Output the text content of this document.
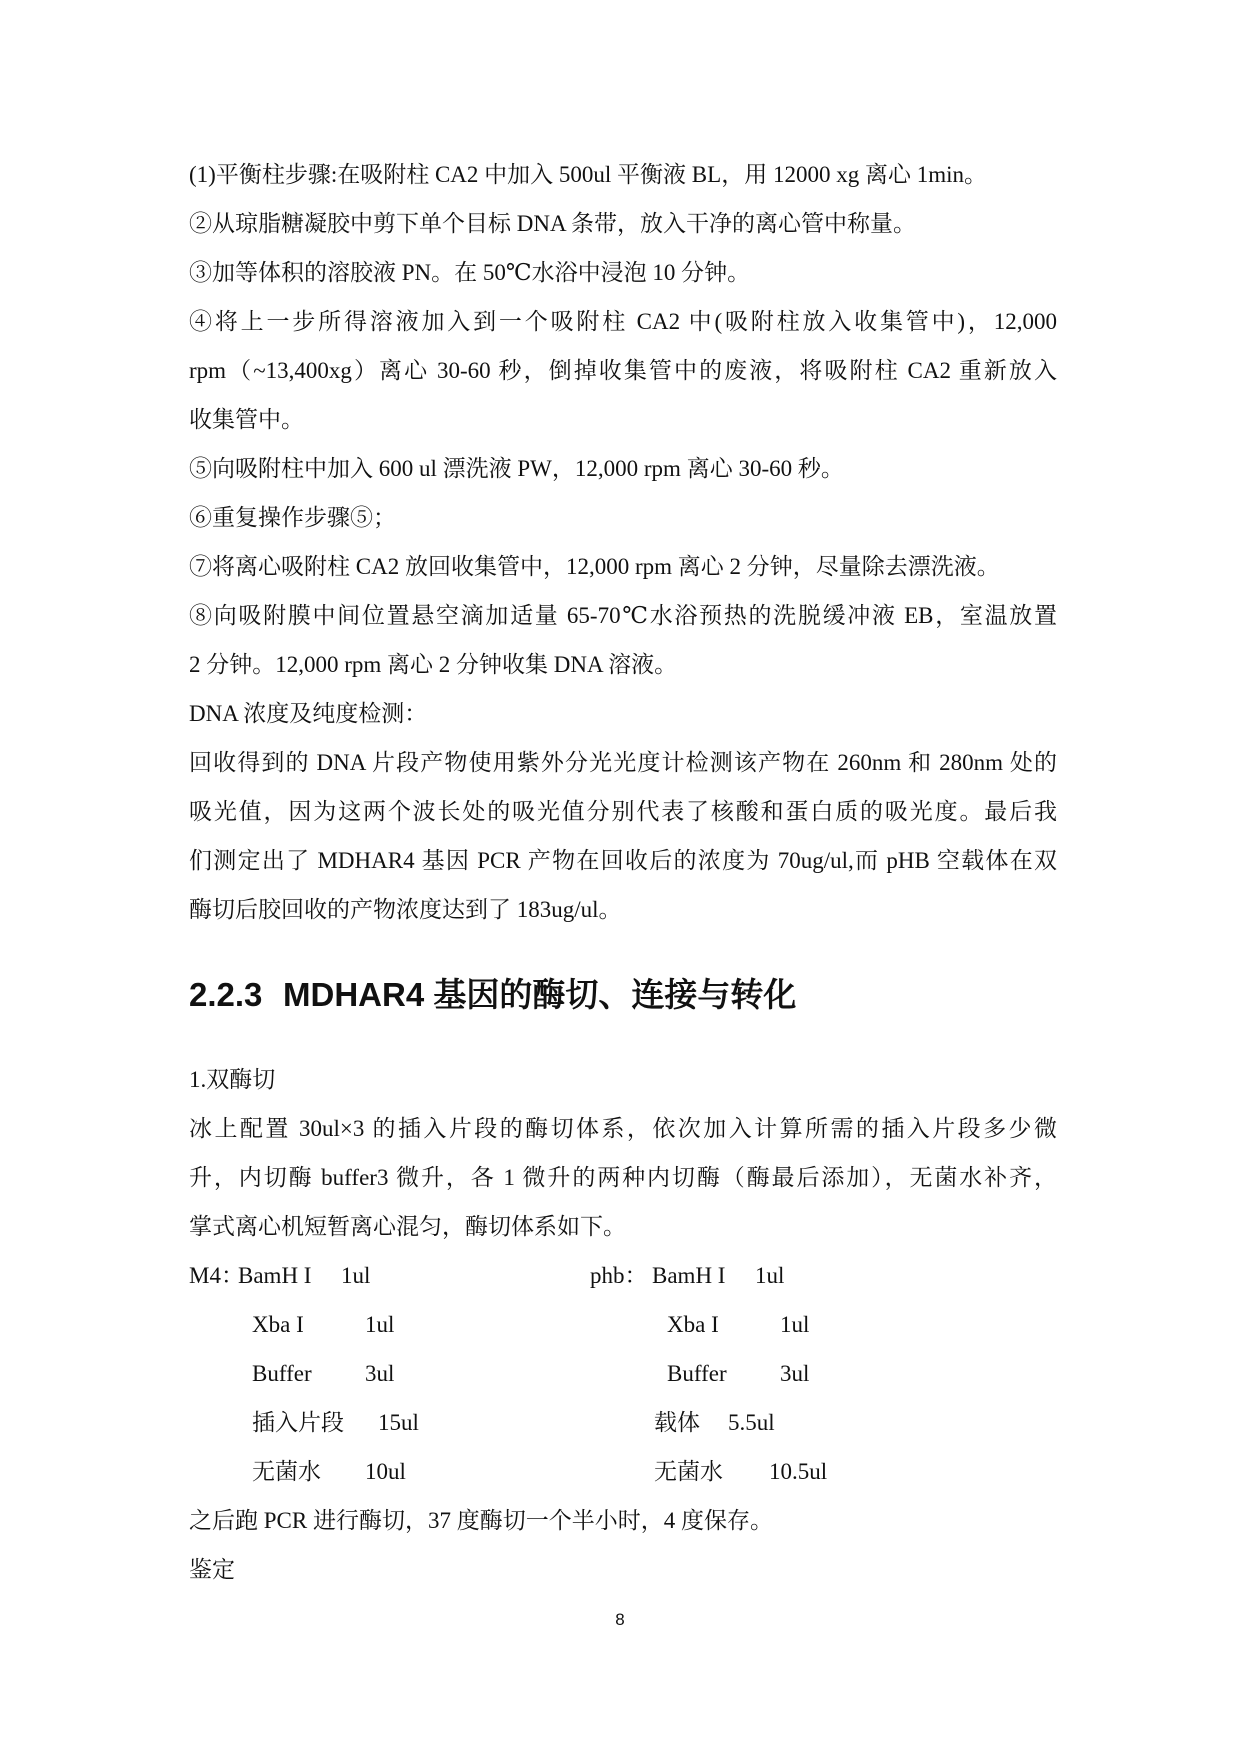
(1)平衡柱步骤:在吸附柱 CA2 中加入 500ul 平衡液 BL，用 12000 xg 离心 1min。
②从琼脂糖凝胶中剪下单个目标 DNA 条带，放入干净的离心管中称量。
③加等体积的溶胶液 PN。在 50℃水浴中浸泡 10 分钟。
④将上一步所得溶液加入到一个吸附柱 CA2 中(吸附柱放入收集管中)，12,000
rpm（~13,400xg）离心 30-60 秒，倒掉收集管中的废液，将吸附柱 CA2 重新放入
收集管中。
⑤向吸附柱中加入 600 ul 漂洗液 PW，12,000 rpm 离心 30-60 秒。
⑥重复操作步骤⑤；
⑦将离心吸附柱 CA2 放回收集管中，12,000 rpm 离心 2 分钟，尽量除去漂洗液。
⑧向吸附膜中间位置悬空滴加适量 65-70℃水浴预热的洗脱缓冲液 EB，室温放置
2 分钟。12,000 rpm 离心 2 分钟收集 DNA 溶液。
DNA 浓度及纯度检测：
回收得到的 DNA 片段产物使用紫外分光光度计检测该产物在 260nm 和 280nm 处的
吸光值，因为这两个波长处的吸光值分别代表了核酸和蛋白质的吸光度。最后我
们测定出了 MDHAR4 基因 PCR 产物在回收后的浓度为 70ug/ul,而 pHB 空载体在双
酶切后胶回收的产物浓度达到了 183ug/ul。
2.2.3 MDHAR4 基因的酶切、连接与转化
1.双酶切
冰上配置 30ul×3 的插入片段的酶切体系，依次加入计算所需的插入片段多少微
升，内切酶 buffer3 微升，各 1 微升的两种内切酶（酶最后添加），无菌水补齐，
掌式离心机短暂离心混匀，酶切体系如下。
M4：
BamH I 1ul
Xba I	1ul
Buffer 3ul
插入片段 15ul
无菌水 10ul
phb： BamH I 1ul
Xba I	1ul
Buffer 3ul
载体 5.5ul
无菌水 10.5ul
之后跑 PCR 进行酶切，37 度酶切一个半小时，4 度保存。
鉴定
8
